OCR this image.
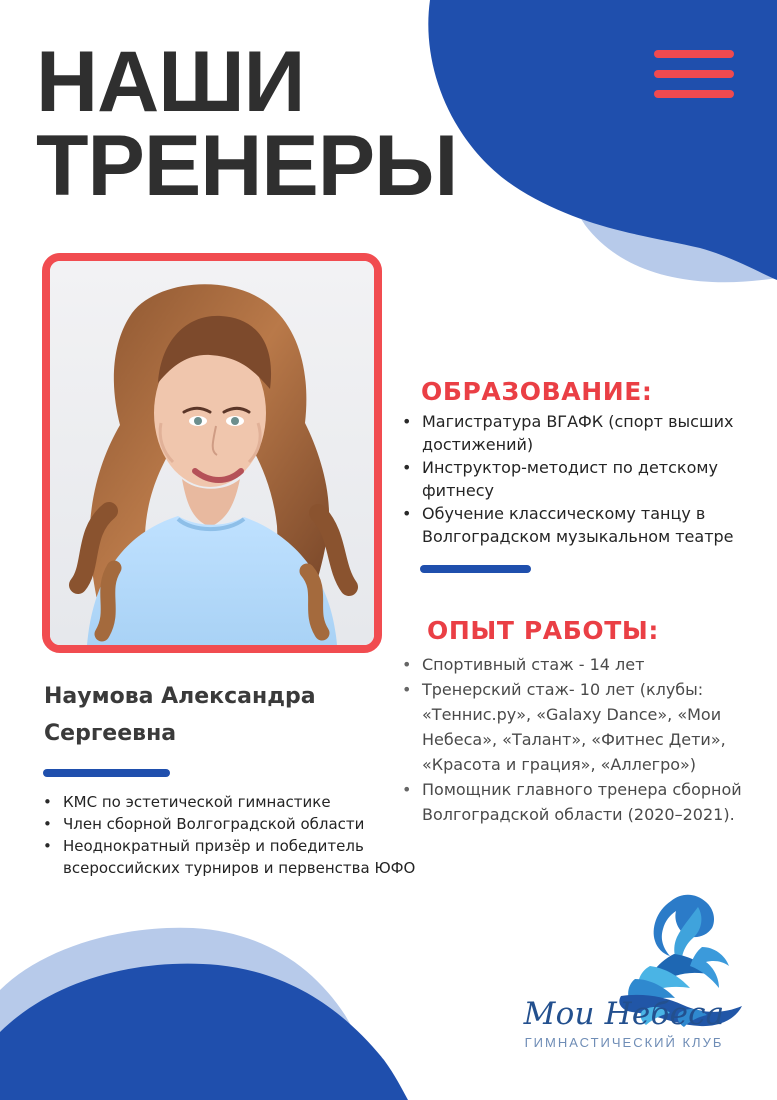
НАШИ
ТРЕНЕРЫ
ОБРАЗОВАНИЕ:
• Магистратура ВГАФК (спорт высших достижений)
• Инструктор-методист по детскому фитнесу
• Обучение классическому танцу в Волгоградском музыкальном театре
ОПЫТ РАБОТЫ:
• Спортивный стаж - 14 лет
• Тренерский стаж- 10 лет (клубы: «Теннис.ру», «Galaxy Dance», «Мои Небеса», «Талант», «Фитнес Дети», «Красота и грация», «Аллегро»)
• Помощник главного тренера сборной Волгоградской области (2020–2021).
Наумова Александра
Сергеевна
• КМС по эстетической гимнастике
• Член сборной Волгоградской области
• Неоднократный призёр и победитель всероссийских турниров и первенства ЮФО
Мои Небеса
ГИМНАСТИЧЕСКИЙ КЛУБ
